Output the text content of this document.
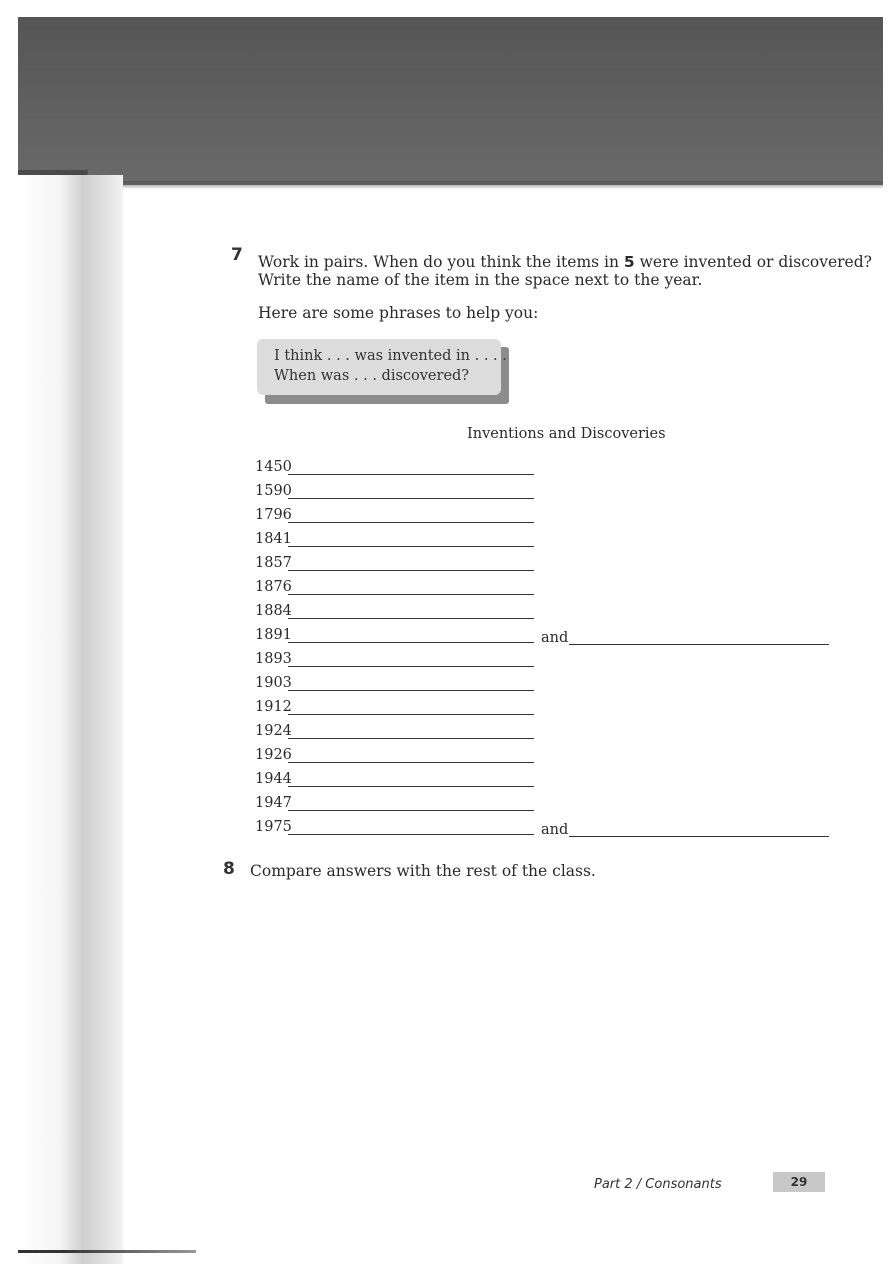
7 Work in pairs. When do you think the items in 5 were invented or discovered?
Write the name of the item in the space next to the year.
Here are some phrases to help you:
I think . . . was invented in . . . .
When was . . . discovered?
Inventions and Discoveries
1450
1590
1796
1841
1857
1876
1884
1891	and
1893
1903
1912
1924
1926
1944
1947
1975	and
8 Compare answers with the rest of the class.
Part 2 / Consonants	29
